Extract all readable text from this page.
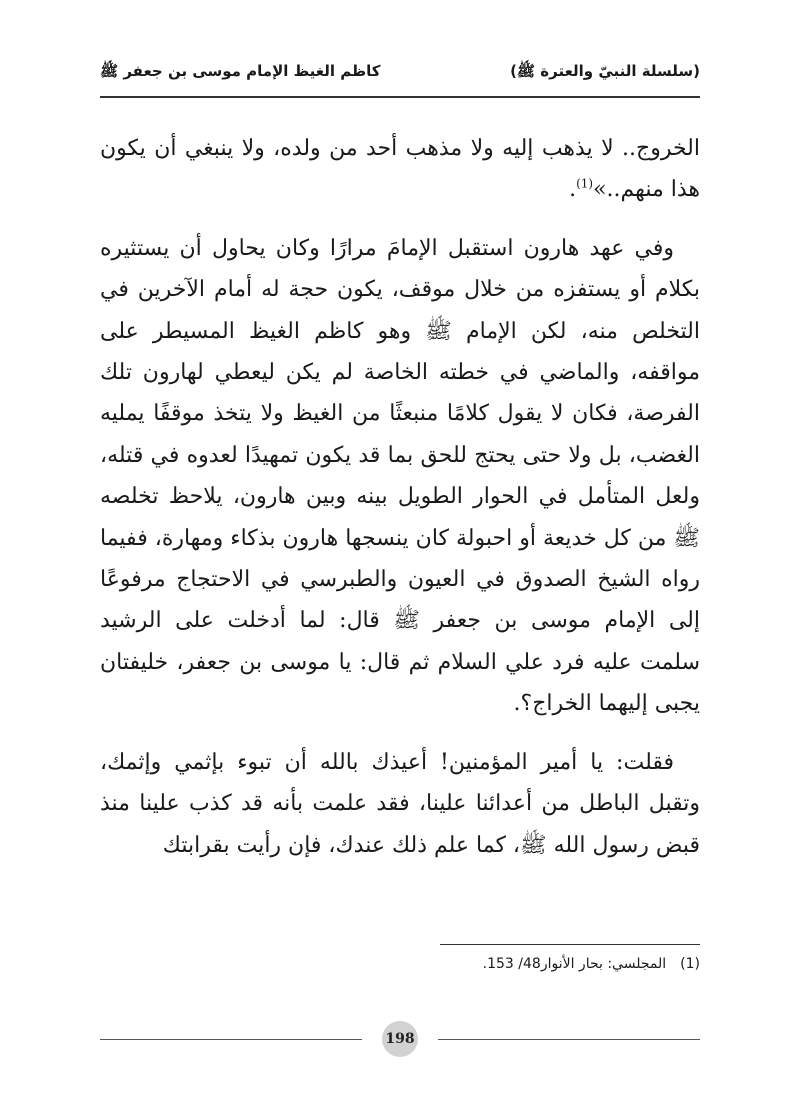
(سلسلة النبيّ والعترة ﷺ)
كاظم الغيظ الإمام موسى بن جعفر ﷺ

الخروج.. لا يذهب إليه ولا مذهب أحد من ولده، ولا ينبغي أن يكون هذا منهم..»$^{(1)}$.

وفي عهد هارون استقبل الإمامَ مرارًا وكان يحاول أن يستثيره بكلام أو يستفزه من خلال موقف، يكون حجة له أمام الآخرين في التخلص منه، لكن الإمام ﷺ وهو كاظم الغيظ المسيطر على مواقفه، والماضي في خطته الخاصة لم يكن ليعطي لهارون تلك الفرصة، فكان لا يقول كلامًا منبعثًا من الغيظ ولا يتخذ موقفًا يمليه الغضب، بل ولا حتى يحتج للحق بما قد يكون تمهيدًا لعدوه في قتله، ولعل المتأمل في الحوار الطويل بينه وبين هارون، يلاحظ تخلصه ﷺ من كل خديعة أو احبولة كان ينسجها هارون بذكاء ومهارة، ففيما رواه الشيخ الصدوق في العيون والطبرسي في الاحتجاج مرفوعًا إلى الإمام موسى بن جعفر ﷺ قال: لما أدخلت على الرشيد سلمت عليه فرد علي السلام ثم قال: يا موسى بن جعفر، خليفتان يجبى إليهما الخراج؟.

فقلت: يا أمير المؤمنين! أعيذك بالله أن تبوء بإثمي وإثمك، وتقبل الباطل من أعدائنا علينا، فقد علمت بأنه قد كذب علينا منذ قبض رسول الله ﷺ، كما علم ذلك عندك، فإن رأيت بقرابتك

(1)المجلسي: بحار الأنوار48/ 153.
198
